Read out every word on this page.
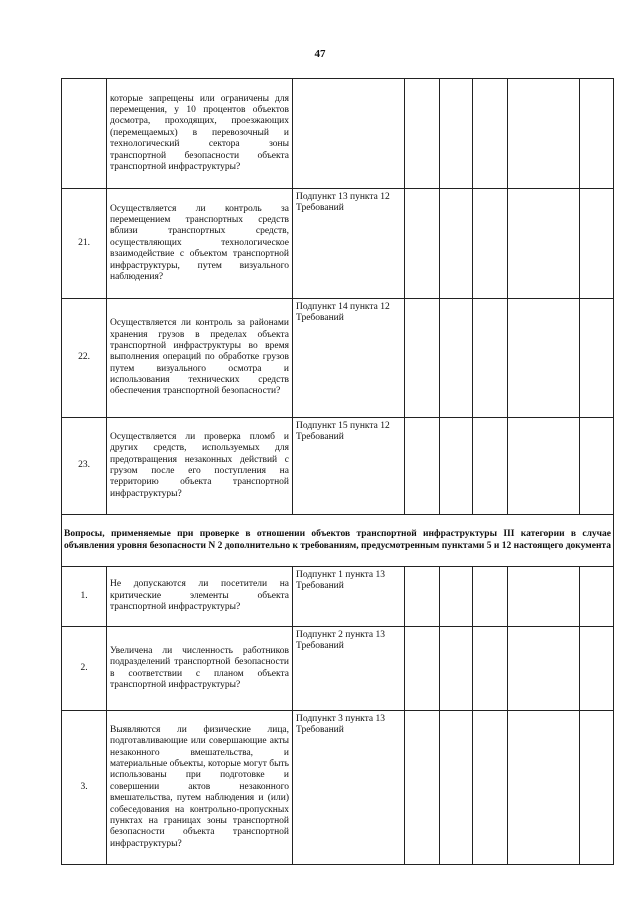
47
	которые запрещены или ограничены для перемещения, у 10 процентов объектов досмотра, проходящих, проезжающих (перемещаемых) в перевозочный и технологический сектора зоны транспортной безопасности объекта транспортной инфраструктуры?						
21.	Осуществляется ли контроль за перемещением транспортных средств вблизи транспортных средств, осуществляющих технологическое взаимодействие с объектом транспортной инфраструктуры, путем визуального наблюдения?	Подпункт 13 пункта 12 Требований					
22.	Осуществляется ли контроль за районами хранения грузов в пределах объекта транспортной инфраструктуры во время выполнения операций по обработке грузов путем визуального осмотра и использования технических средств обеспечения транспортной безопасности?	Подпункт 14 пункта 12 Требований					
23.	Осуществляется ли проверка пломб и других средств, используемых для предотвращения незаконных действий с грузом после его поступления на территорию объекта транспортной инфраструктуры?	Подпункт 15 пункта 12 Требований					
Вопросы, применяемые при проверке в отношении объектов транспортной инфраструктуры III категории в случае объявления уровня безопасности N 2 дополнительно к требованиям, предусмотренным пунктами 5 и 12 настоящего документа							
1.	Не допускаются ли посетители на критические элементы объекта транспортной инфраструктуры?	Подпункт 1 пункта 13 Требований					
2.	Увеличена ли численность работников подразделений транспортной безопасности в соответствии с планом объекта транспортной инфраструктуры?	Подпункт 2 пункта 13 Требований					
3.	Выявляются ли физические лица, подготавливающие или совершающие акты незаконного вмешательства, и материальные объекты, которые могут быть использованы при подготовке и совершении актов незаконного вмешательства, путем наблюдения и (или) собеседования на контрольно-пропускных пунктах на границах зоны транспортной безопасности объекта транспортной инфраструктуры?	Подпункт 3 пункта 13 Требований					
